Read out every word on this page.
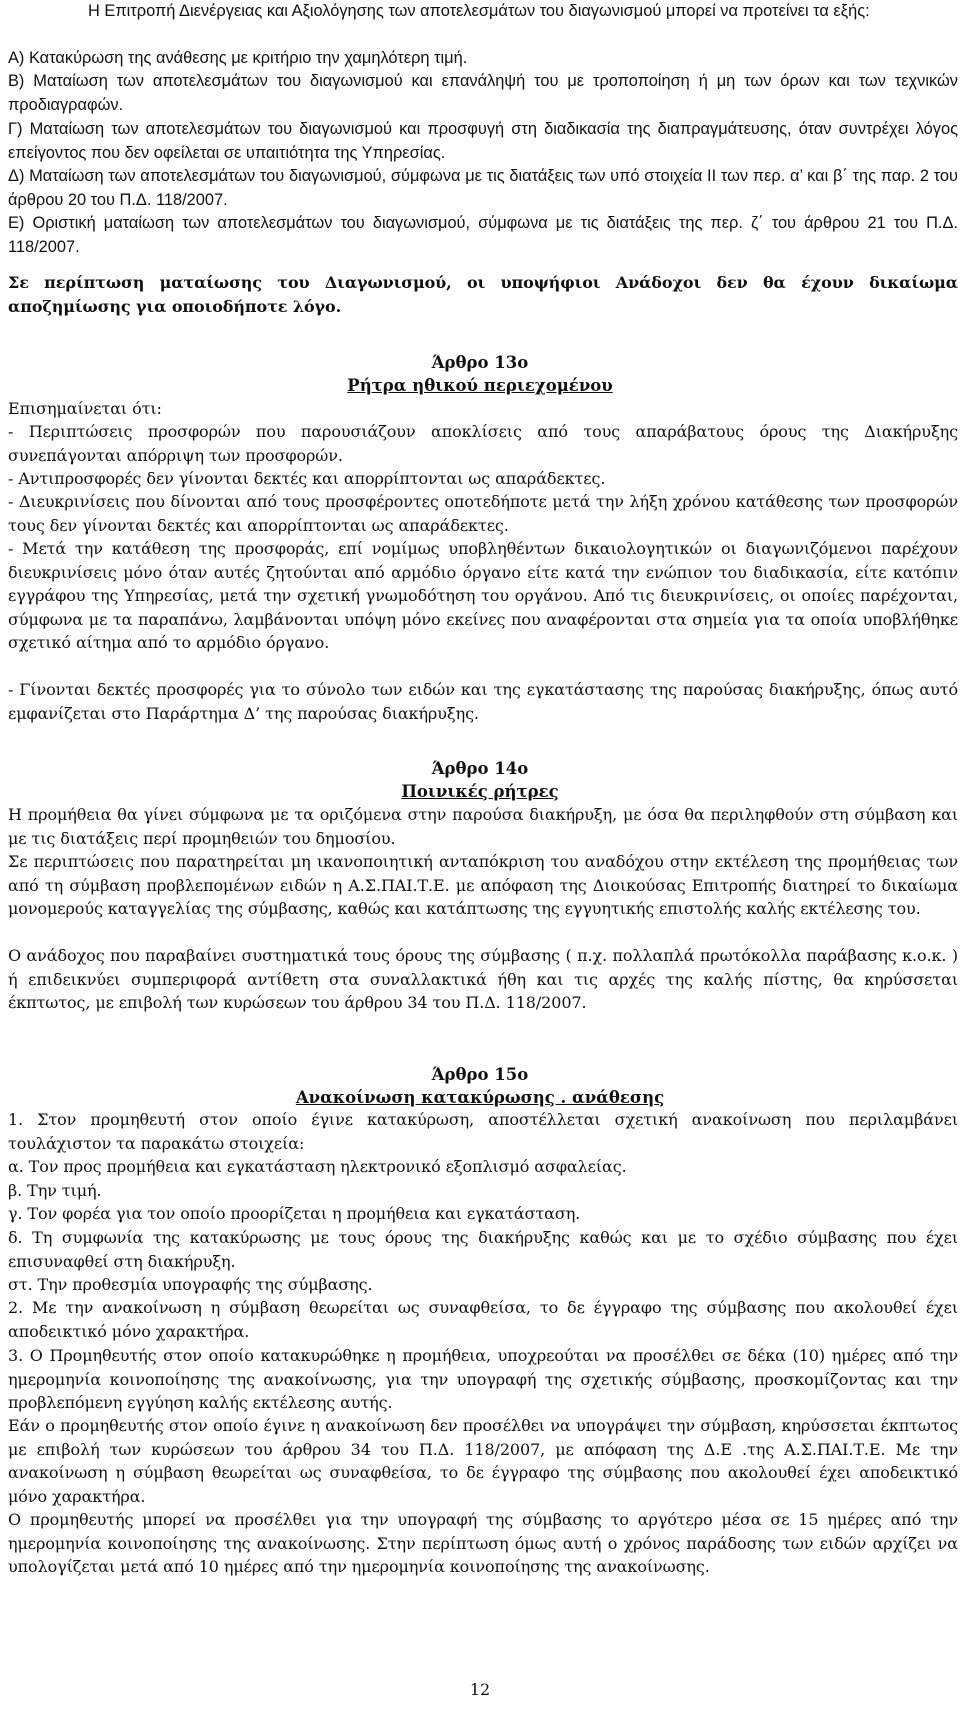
Η Επιτροπή Διενέργειας και Αξιολόγησης των αποτελεσμάτων του διαγωνισμού μπορεί να προτείνει τα εξής:

Α) Κατακύρωση της ανάθεσης με κριτήριο την χαμηλότερη τιμή.

Β) Ματαίωση των αποτελεσμάτων του διαγωνισμού και επανάληψή του με τροποποίηση ή μη των όρων και των τεχνικών προδιαγραφών.

Γ) Ματαίωση των αποτελεσμάτων του διαγωνισμού και προσφυγή στη διαδικασία της διαπραγμάτευσης, όταν συντρέχει λόγος επείγοντος που δεν οφείλεται σε υπαιτιότητα της Υπηρεσίας.

Δ) Ματαίωση των αποτελεσμάτων του διαγωνισμού, σύμφωνα με τις διατάξεις των υπό στοιχεία ΙΙ των περ. α’ και β΄ της παρ. 2 του άρθρου 20 του Π.Δ. 118/2007.

Ε) Οριστική ματαίωση των αποτελεσμάτων του διαγωνισμού, σύμφωνα με τις διατάξεις της περ. ζ΄ του άρθρου 21 του Π.Δ. 118/2007.

Σε περίπτωση ματαίωσης του Διαγωνισμού, οι υποψήφιοι Ανάδοχοι δεν θα έχουν δικαίωμα αποζημίωσης για οποιοδήποτε λόγο.

Άρθρο 13ο
Ρήτρα ηθικού περιεχομένου

Επισημαίνεται ότι:

- Περιπτώσεις προσφορών που παρουσιάζουν αποκλίσεις από τους απαράβατους όρους της Διακήρυξης συνεπάγονται απόρριψη των προσφορών.

- Αντιπροσφορές δεν γίνονται δεκτές και απορρίπτονται ως απαράδεκτες.

- Διευκρινίσεις που δίνονται από τους προσφέροντες οποτεδήποτε μετά την λήξη χρόνου κατάθεσης των προσφορών τους δεν γίνονται δεκτές και απορρίπτονται ως απαράδεκτες.

- Μετά την κατάθεση της προσφοράς, επί νομίμως υποβληθέντων δικαιολογητικών οι διαγωνιζόμενοι παρέχουν διευκρινίσεις μόνο όταν αυτές ζητούνται από αρμόδιο όργανο είτε κατά την ενώπιον του διαδικασία, είτε κατόπιν εγγράφου της Υπηρεσίας, μετά την σχετική γνωμοδότηση του οργάνου. Από τις διευκρινίσεις, οι οποίες παρέχονται, σύμφωνα με τα παραπάνω, λαμβάνονται υπόψη μόνο εκείνες που αναφέρονται στα σημεία για τα οποία υποβλήθηκε σχετικό αίτημα από το αρμόδιο όργανο.

- Γίνονται δεκτές προσφορές για το σύνολο των ειδών και της εγκατάστασης της παρούσας διακήρυξης, όπως αυτό εμφανίζεται στο Παράρτημα Δ’ της παρούσας διακήρυξης.

Άρθρο 14ο
Ποινικές ρήτρες

Η προμήθεια θα γίνει σύμφωνα με τα οριζόμενα στην παρούσα διακήρυξη, με όσα θα περιληφθούν στη σύμβαση και με τις διατάξεις περί προμηθειών του δημοσίου.

Σε περιπτώσεις που παρατηρείται μη ικανοποιητική ανταπόκριση του αναδόχου στην εκτέλεση της προμήθειας των από τη σύμβαση προβλεπομένων ειδών η Α.Σ.ΠΑΙ.Τ.Ε. με απόφαση της Διοικούσας Επιτροπής διατηρεί το δικαίωμα μονομερούς καταγγελίας της σύμβασης, καθώς και κατάπτωσης της εγγυητικής επιστολής καλής εκτέλεσης του.

Ο ανάδοχος που παραβαίνει συστηματικά τους όρους της σύμβασης ( π.χ. πολλαπλά πρωτόκολλα παράβασης κ.ο.κ. ) ή επιδεικνύει συμπεριφορά αντίθετη στα συναλλακτικά ήθη και τις αρχές της καλής πίστης, θα κηρύσσεται έκπτωτος, με επιβολή των κυρώσεων του άρθρου 34 του Π.Δ. 118/2007.

Άρθρο 15ο
Ανακοίνωση κατακύρωσης . ανάθεσης

1. Στον προμηθευτή στον οποίο έγινε κατακύρωση, αποστέλλεται σχετική ανακοίνωση που περιλαμβάνει τουλάχιστον τα παρακάτω στοιχεία:

α. Τον προς προμήθεια και εγκατάσταση ηλεκτρονικό εξοπλισμό ασφαλείας.

β. Την τιμή.

γ. Τον φορέα για τον οποίο προορίζεται η προμήθεια και εγκατάσταση.

δ. Τη συμφωνία της κατακύρωσης με τους όρους της διακήρυξης καθώς και με το σχέδιο σύμβασης που έχει επισυναφθεί στη διακήρυξη.

στ. Την προθεσμία υπογραφής της σύμβασης.

2. Με την ανακοίνωση η σύμβαση θεωρείται ως συναφθείσα, το δε έγγραφο της σύμβασης που ακολουθεί έχει αποδεικτικό μόνο χαρακτήρα.

3. Ο Προμηθευτής στον οποίο κατακυρώθηκε η προμήθεια, υποχρεούται να προσέλθει σε δέκα (10) ημέρες από την ημερομηνία κοινοποίησης της ανακοίνωσης, για την υπογραφή της σχετικής σύμβασης, προσκομίζοντας και την προβλεπόμενη εγγύηση καλής εκτέλεσης αυτής.

Εάν ο προμηθευτής στον οποίο έγινε η ανακοίνωση δεν προσέλθει να υπογράψει την σύμβαση, κηρύσσεται έκπτωτος με επιβολή των κυρώσεων του άρθρου 34 του Π.Δ. 118/2007, με απόφαση της Δ.Ε .της Α.Σ.ΠΑΙ.Τ.Ε. Με την ανακοίνωση η σύμβαση θεωρείται ως συναφθείσα, το δε έγγραφο της σύμβασης που ακολουθεί έχει αποδεικτικό μόνο χαρακτήρα.

Ο προμηθευτής μπορεί να προσέλθει για την υπογραφή της σύμβασης το αργότερο μέσα σε 15 ημέρες από την ημερομηνία κοινοποίησης της ανακοίνωσης. Στην περίπτωση όμως αυτή ο χρόνος παράδοσης των ειδών αρχίζει να υπολογίζεται μετά από 10 ημέρες από την ημερομηνία κοινοποίησης της ανακοίνωσης.

12
